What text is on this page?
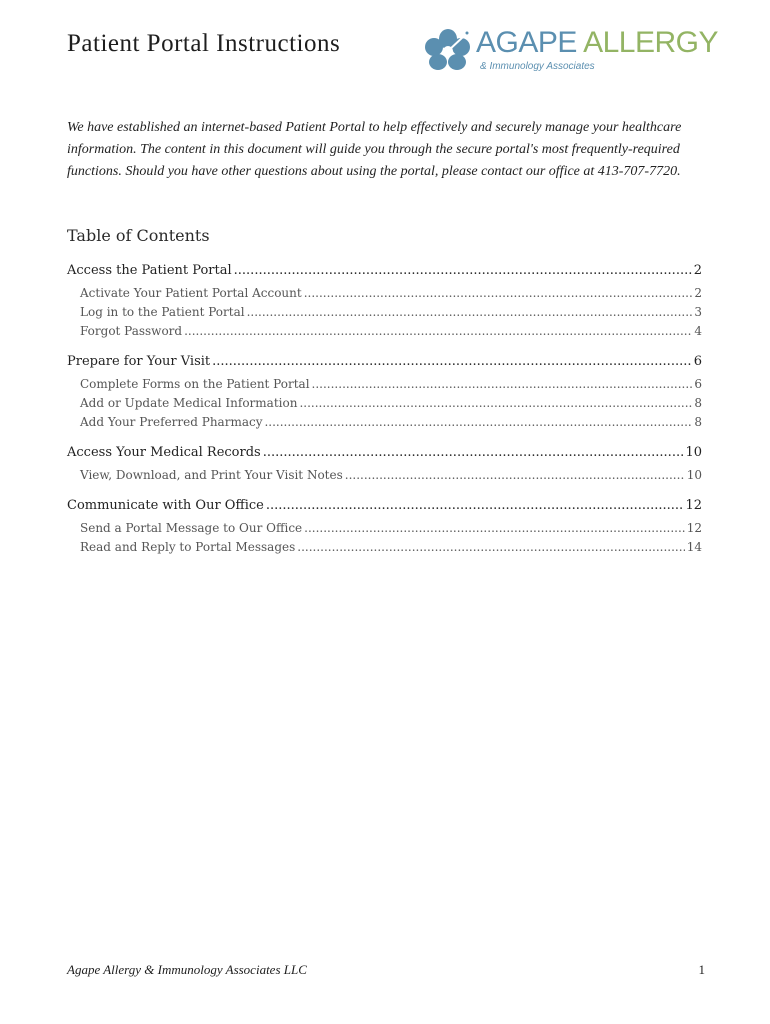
Patient Portal Instructions	AGAPE ALLERGY
& Immunology Associates

We have established an internet-based Patient Portal to help effectively and securely manage your healthcare information. The content in this document will guide you through the secure portal's most frequently-required functions. Should you have other questions about using the portal, please contact our office at 413-707-7720.

Table of Contents
Access the Patient Portal .....	2
Activate Your Patient Portal Account .....	2
Log in to the Patient Portal .....	3
Forgot Password .....	4
Prepare for Your Visit .....	6
Complete Forms on the Patient Portal .....	6
Add or Update Medical Information .....	8
Add Your Preferred Pharmacy .....	8
Access Your Medical Records .....	10
View, Download, and Print Your Visit Notes .....	10
Communicate with Our Office .....	12
Send a Portal Message to Our Office .....	12
Read and Reply to Portal Messages .....	14
Agape Allergy & Immunology Associates LLC	1
